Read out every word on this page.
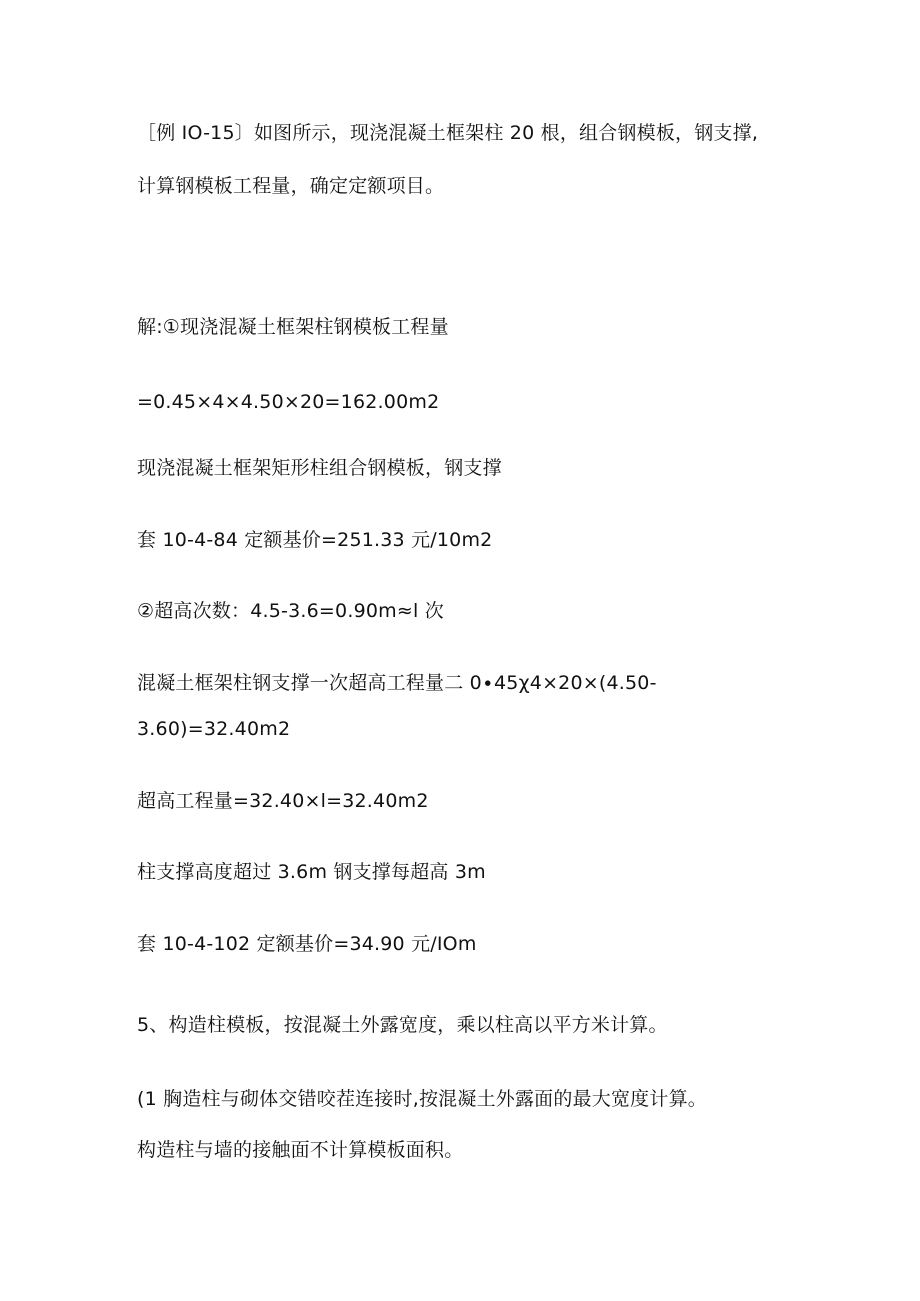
［例 IO-15〕如图所示，现浇混凝土框架柱 20 根，组合钢模板，钢支撑,
计算钢模板工程量，确定定额项目。
解:①现浇混凝土框架柱钢模板工程量
=0.45×4×4.50×20=162.00m2
现浇混凝土框架矩形柱组合钢模板，钢支撑
套 10-4-84 定额基价=251.33 元∕10m2
②超高次数：4.5-3.6=0.90m≈l 次
混凝土框架柱钢支撑一次超高工程量二 0∙45χ4×20×(4.50-
3.60)=32.40m2
超高工程量=32.40×l=32.40m2
柱支撑高度超过 3.6m 钢支撑每超高 3m
套 10-4-102 定额基价=34.90 元/IOm
5、构造柱模板，按混凝土外露宽度，乘以柱高以平方米计算。
(1 胸造柱与砌体交错咬茬连接时,按混凝土外露面的最大宽度计算。
构造柱与墙的接触面不计算模板面积。
